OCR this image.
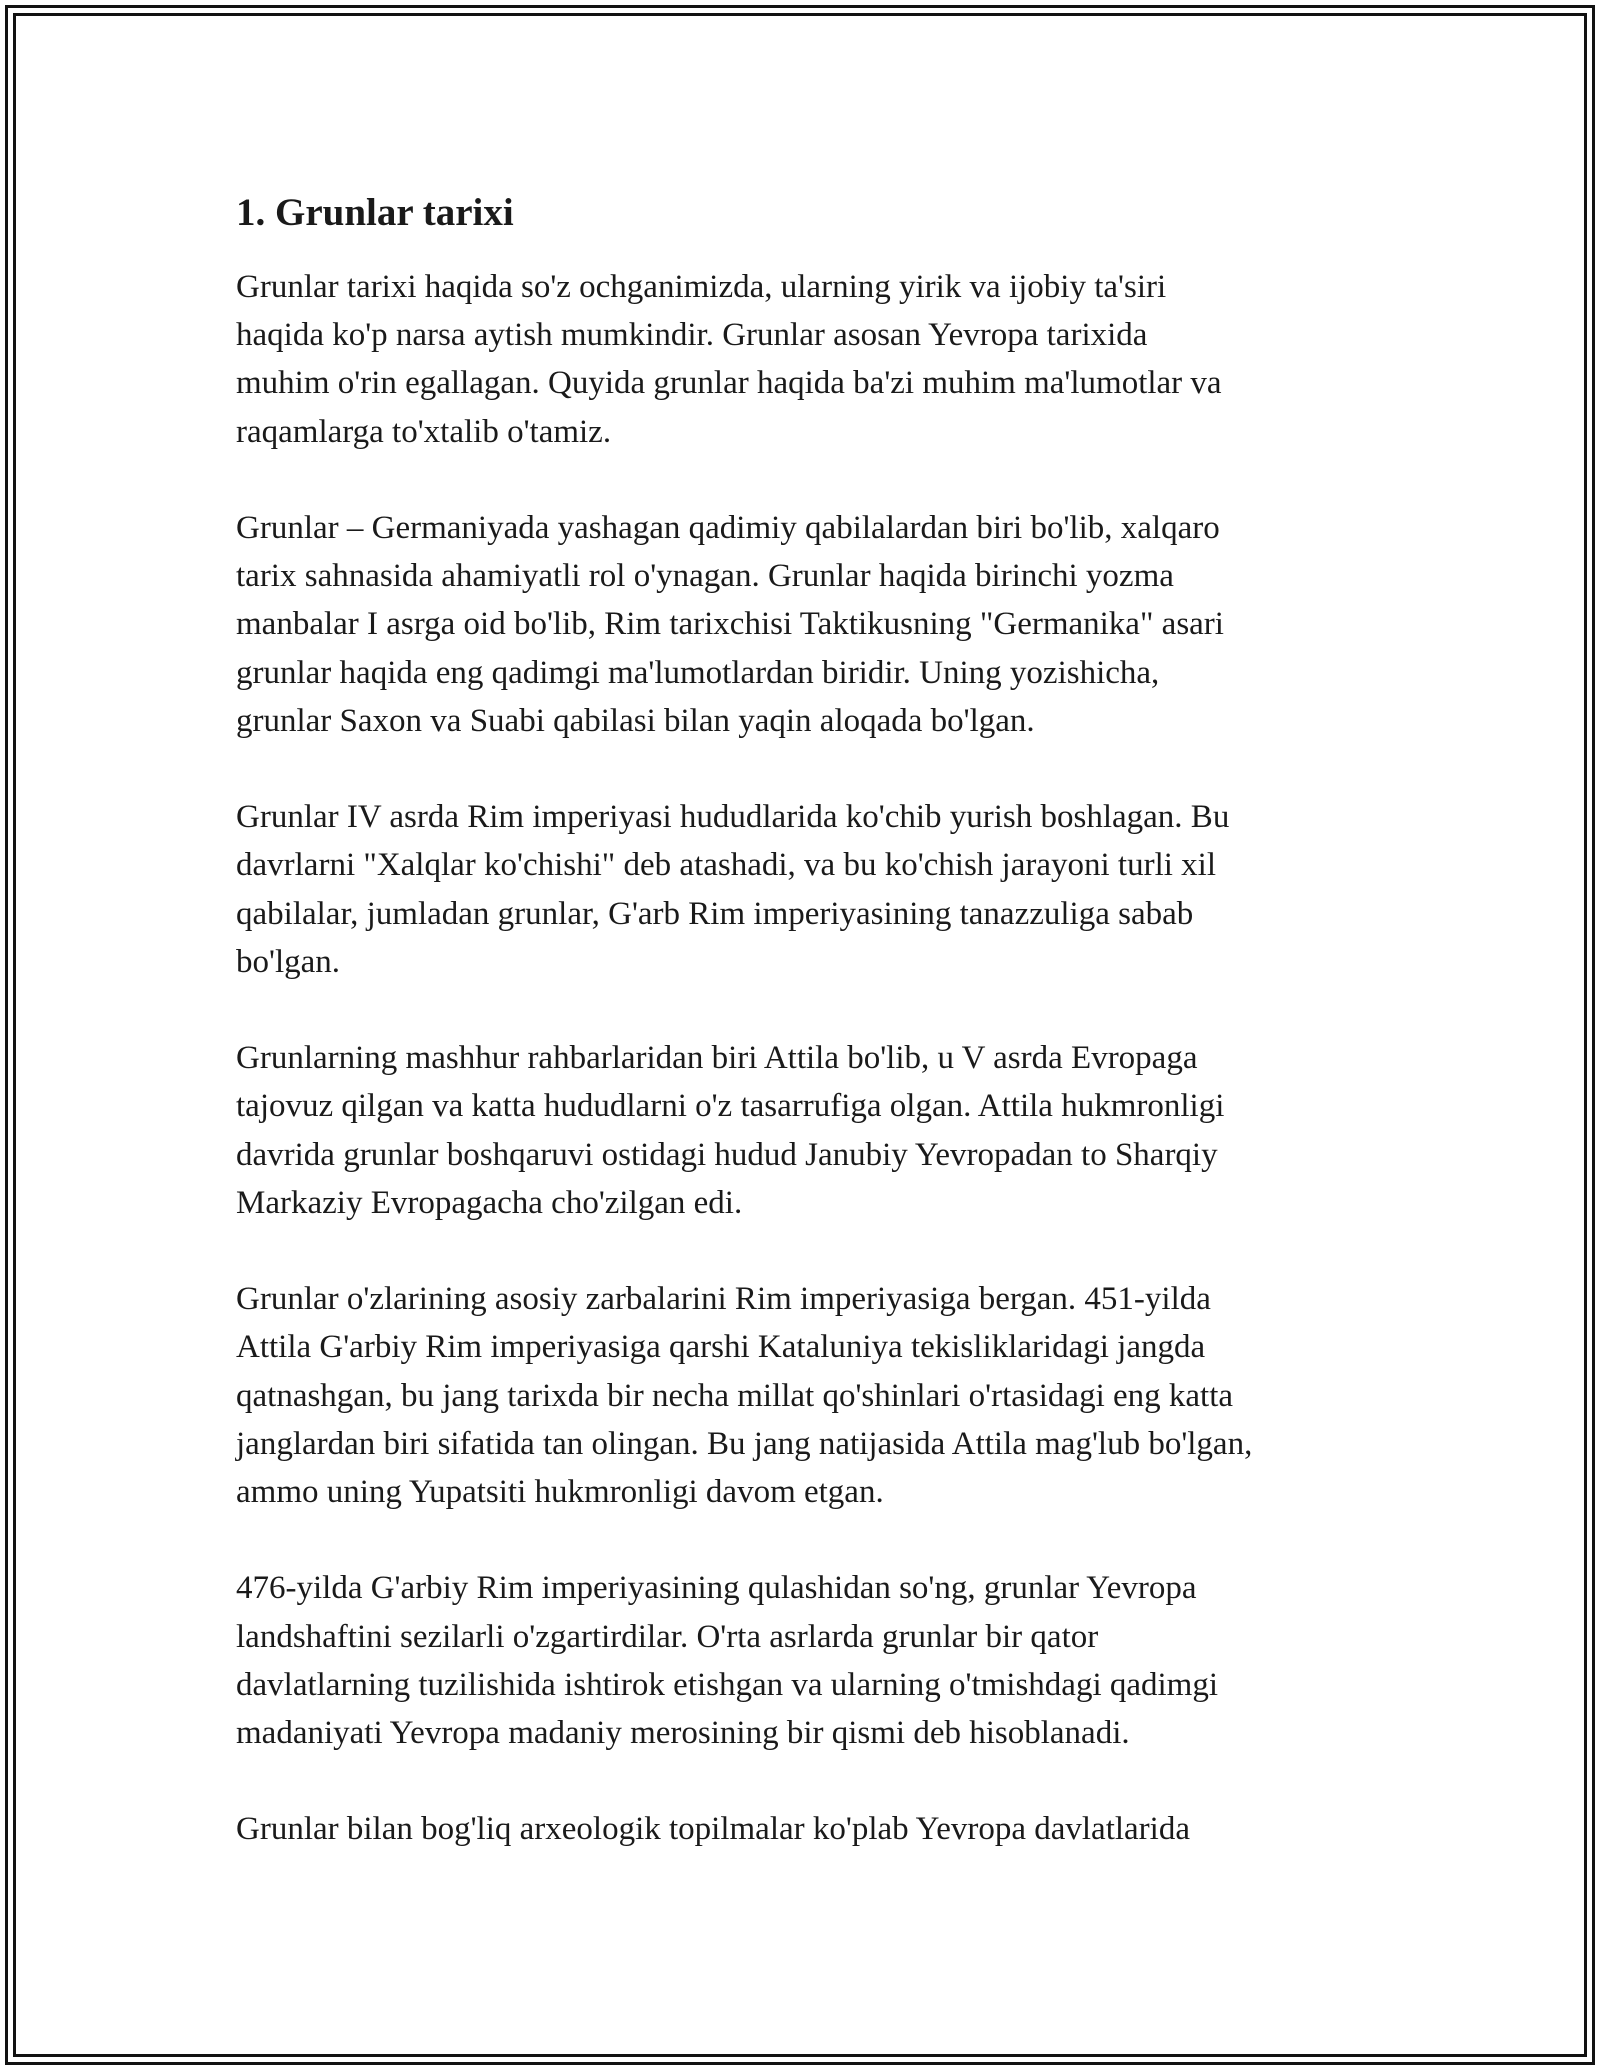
1. Grunlar tarixi

Grunlar tarixi haqida so'z ochganimizda, ularning yirik va ijobiy ta'siri
haqida ko'p narsa aytish mumkindir. Grunlar asosan Yevropa tarixida
muhim o'rin egallagan. Quyida grunlar haqida ba'zi muhim ma'lumotlar va
raqamlarga to'xtalib o'tamiz.

Grunlar – Germaniyada yashagan qadimiy qabilalardan biri bo'lib, xalqaro
tarix sahnasida ahamiyatli rol o'ynagan. Grunlar haqida birinchi yozma
manbalar I asrga oid bo'lib, Rim tarixchisi Taktikusning "Germanika" asari
grunlar haqida eng qadimgi ma'lumotlardan biridir. Uning yozishicha,
grunlar Saxon va Suabi qabilasi bilan yaqin aloqada bo'lgan.

Grunlar IV asrda Rim imperiyasi hududlarida ko'chib yurish boshlagan. Bu
davrlarni "Xalqlar ko'chishi" deb atashadi, va bu ko'chish jarayoni turli xil
qabilalar, jumladan grunlar, G'arb Rim imperiyasining tanazzuliga sabab
bo'lgan.

Grunlarning mashhur rahbarlaridan biri Attila bo'lib, u V asrda Evropaga
tajovuz qilgan va katta hududlarni o'z tasarrufiga olgan. Attila hukmronligi
davrida grunlar boshqaruvi ostidagi hudud Janubiy Yevropadan to Sharqiy
Markaziy Evropagacha cho'zilgan edi.

Grunlar o'zlarining asosiy zarbalarini Rim imperiyasiga bergan. 451-yilda
Attila G'arbiy Rim imperiyasiga qarshi Kataluniya tekisliklaridagi jangda
qatnashgan, bu jang tarixda bir necha millat qo'shinlari o'rtasidagi eng katta
janglardan biri sifatida tan olingan. Bu jang natijasida Attila mag'lub bo'lgan,
ammo uning Yupatsiti hukmronligi davom etgan.

476-yilda G'arbiy Rim imperiyasining qulashidan so'ng, grunlar Yevropa
landshaftini sezilarli o'zgartirdilar. O'rta asrlarda grunlar bir qator
davlatlarning tuzilishida ishtirok etishgan va ularning o'tmishdagi qadimgi
madaniyati Yevropa madaniy merosining bir qismi deb hisoblanadi.

Grunlar bilan bog'liq arxeologik topilmalar ko'plab Yevropa davlatlarida
